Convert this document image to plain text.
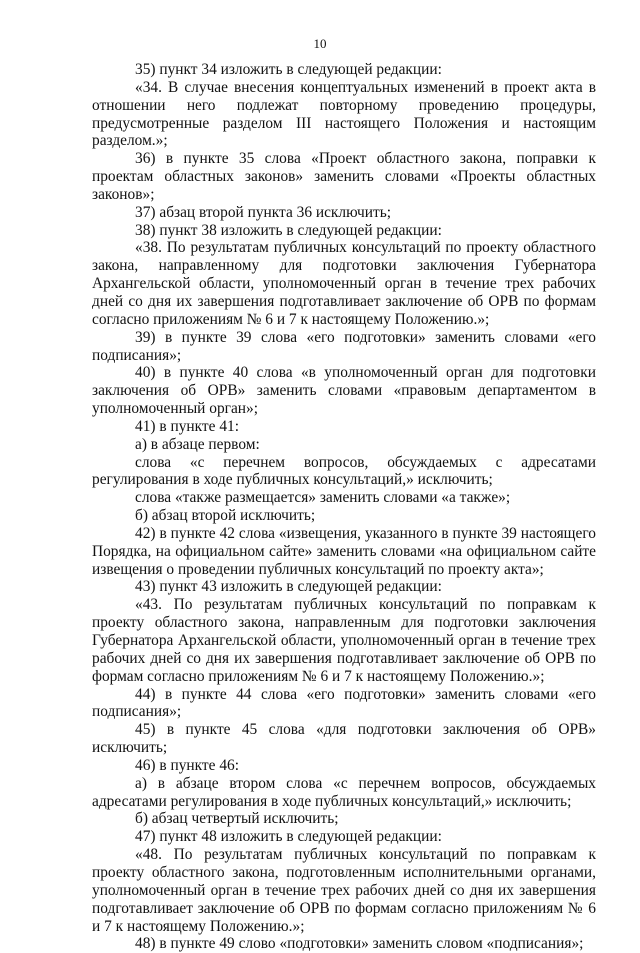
10

35) пункт 34 изложить в следующей редакции:

«34. В случае внесения концептуальных изменений в проект акта в отношении него подлежат повторному проведению процедуры, предусмотренные разделом III настоящего Положения и настоящим разделом.»;

36) в пункте 35 слова «Проект областного закона, поправки к проектам областных законов» заменить словами «Проекты областных законов»;

37) абзац второй пункта 36 исключить;

38) пункт 38 изложить в следующей редакции:

«38. По результатам публичных консультаций по проекту областного закона, направленному для подготовки заключения Губернатора Архангельской области, уполномоченный орган в течение трех рабочих дней со дня их завершения подготавливает заключение об ОРВ по формам согласно приложениям № 6 и 7 к настоящему Положению.»;

39) в пункте 39 слова «его подготовки» заменить словами «его подписания»;

40) в пункте 40 слова «в уполномоченный орган для подготовки заключения об ОРВ» заменить словами «правовым департаментом в уполномоченный орган»;

41) в пункте 41:

а) в абзаце первом:

слова «с перечнем вопросов, обсуждаемых с адресатами регулирования в ходе публичных консультаций,» исключить;

слова «также размещается» заменить словами «а также»;

б) абзац второй исключить;

42) в пункте 42 слова «извещения, указанного в пункте 39 настоящего Порядка, на официальном сайте» заменить словами «на официальном сайте извещения о проведении публичных консультаций по проекту акта»;

43) пункт 43 изложить в следующей редакции:

«43. По результатам публичных консультаций по поправкам к проекту областного закона, направленным для подготовки заключения Губернатора Архангельской области, уполномоченный орган в течение трех рабочих дней со дня их завершения подготавливает заключение об ОРВ по формам согласно приложениям № 6 и 7 к настоящему Положению.»;

44) в пункте 44 слова «его подготовки» заменить словами «его подписания»;

45) в пункте 45 слова «для подготовки заключения об ОРВ» исключить;

46) в пункте 46:

а) в абзаце втором слова «с перечнем вопросов, обсуждаемых адресатами регулирования в ходе публичных консультаций,» исключить;

б) абзац четвертый исключить;

47) пункт 48 изложить в следующей редакции:

«48. По результатам публичных консультаций по поправкам к проекту областного закона, подготовленным исполнительными органами, уполномоченный орган в течение трех рабочих дней со дня их завершения подготавливает заключение об ОРВ по формам согласно приложениям № 6 и 7 к настоящему Положению.»;

48) в пункте 49 слово «подготовки» заменить словом «подписания»;
